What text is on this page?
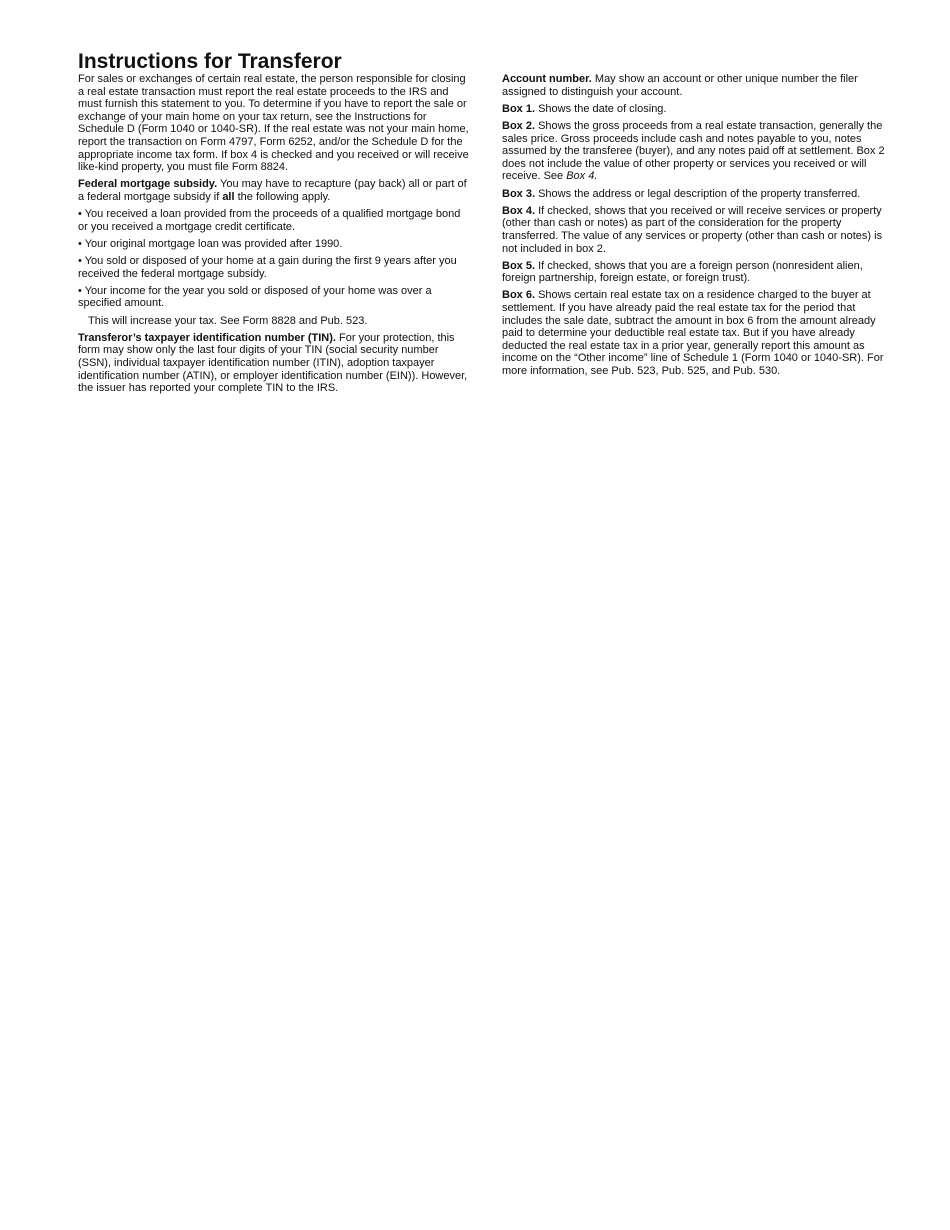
Instructions for Transferor

For sales or exchanges of certain real estate, the person responsible for closing a real estate transaction must report the real estate proceeds to the IRS and must furnish this statement to you. To determine if you have to report the sale or exchange of your main home on your tax return, see the Instructions for Schedule D (Form 1040 or 1040-SR). If the real estate was not your main home, report the transaction on Form 4797, Form 6252, and/or the Schedule D for the appropriate income tax form. If box 4 is checked and you received or will receive like-kind property, you must file Form 8824.

Federal mortgage subsidy. You may have to recapture (pay back) all or part of a federal mortgage subsidy if all the following apply.

• You received a loan provided from the proceeds of a qualified mortgage bond or you received a mortgage credit certificate.

• Your original mortgage loan was provided after 1990.

• You sold or disposed of your home at a gain during the first 9 years after you received the federal mortgage subsidy.

• Your income for the year you sold or disposed of your home was over a specified amount.

This will increase your tax. See Form 8828 and Pub. 523.

Transferor’s taxpayer identification number (TIN). For your protection, this form may show only the last four digits of your TIN (social security number (SSN), individual taxpayer identification number (ITIN), adoption taxpayer identification number (ATIN), or employer identification number (EIN)). However, the issuer has reported your complete TIN to the IRS.

Account number. May show an account or other unique number the filer assigned to distinguish your account.

Box 1. Shows the date of closing.

Box 2. Shows the gross proceeds from a real estate transaction, generally the sales price. Gross proceeds include cash and notes payable to you, notes assumed by the transferee (buyer), and any notes paid off at settlement. Box 2 does not include the value of other property or services you received or will receive. See Box 4.

Box 3. Shows the address or legal description of the property transferred.

Box 4. If checked, shows that you received or will receive services or property (other than cash or notes) as part of the consideration for the property transferred. The value of any services or property (other than cash or notes) is not included in box 2.

Box 5. If checked, shows that you are a foreign person (nonresident alien, foreign partnership, foreign estate, or foreign trust).

Box 6. Shows certain real estate tax on a residence charged to the buyer at settlement. If you have already paid the real estate tax for the period that includes the sale date, subtract the amount in box 6 from the amount already paid to determine your deductible real estate tax. But if you have already deducted the real estate tax in a prior year, generally report this amount as income on the “Other income” line of Schedule 1 (Form 1040 or 1040-SR). For more information, see Pub. 523, Pub. 525, and Pub. 530.
